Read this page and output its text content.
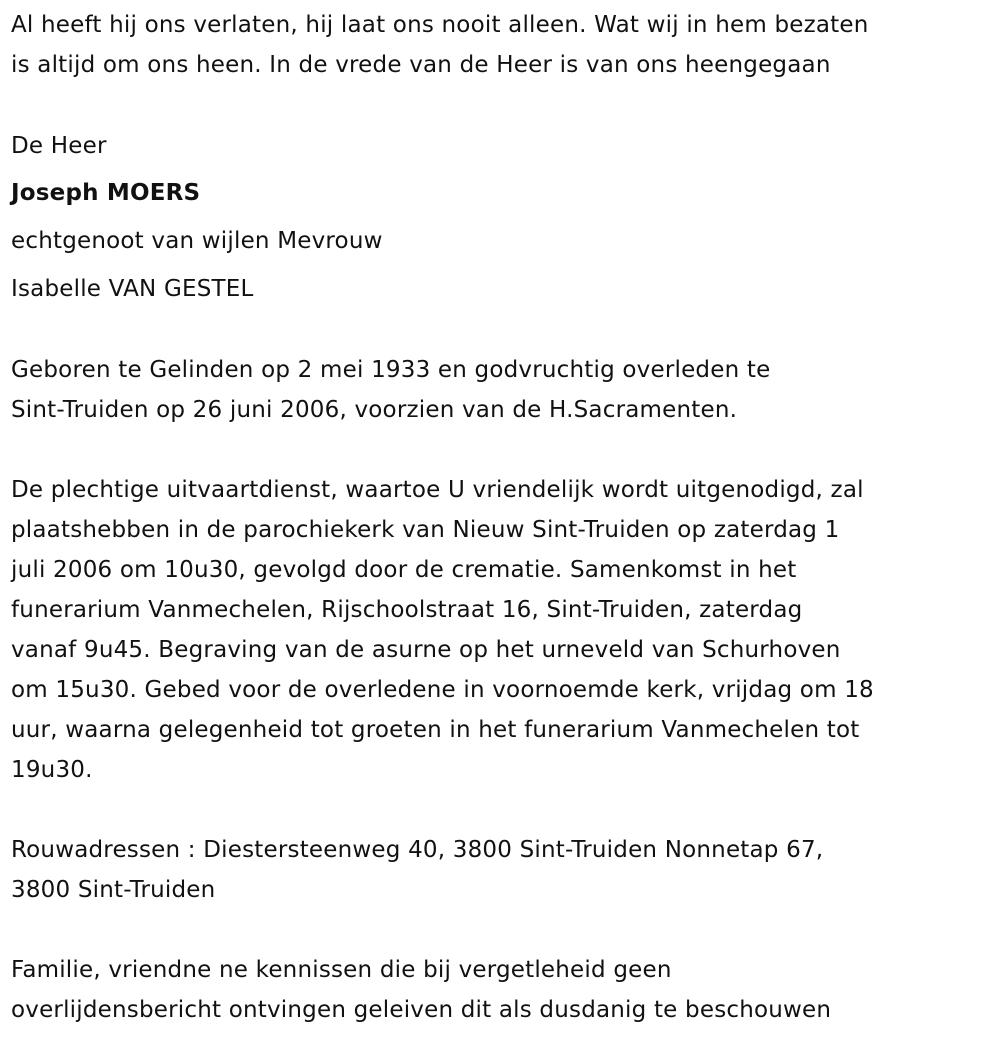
Al heeft hij ons verlaten, hij laat ons nooit alleen. Wat wij in hem bezaten
is altijd om ons heen. In de vrede van de Heer is van ons heengegaan
De Heer
Joseph MOERS
echtgenoot van wijlen Mevrouw
Isabelle VAN GESTEL
Geboren te Gelinden op 2 mei 1933 en godvruchtig overleden te
Sint-Truiden op 26 juni 2006, voorzien van de H.Sacramenten.
De plechtige uitvaartdienst, waartoe U vriendelijk wordt uitgenodigd, zal
plaatshebben in de parochiekerk van Nieuw Sint-Truiden op zaterdag 1
juli 2006 om 10u30, gevolgd door de crematie. Samenkomst in het
funerarium Vanmechelen, Rijschoolstraat 16, Sint-Truiden, zaterdag
vanaf 9u45. Begraving van de asurne op het urneveld van Schurhoven
om 15u30. Gebed voor de overledene in voornoemde kerk, vrijdag om 18
uur, waarna gelegenheid tot groeten in het funerarium Vanmechelen tot
19u30.
Rouwadressen : Diestersteenweg 40, 3800 Sint-Truiden Nonnetap 67,
3800 Sint-Truiden
Familie, vriendne ne kennissen die bij vergetleheid geen
overlijdensbericht ontvingen geleiven dit als dusdanig te beschouwen
